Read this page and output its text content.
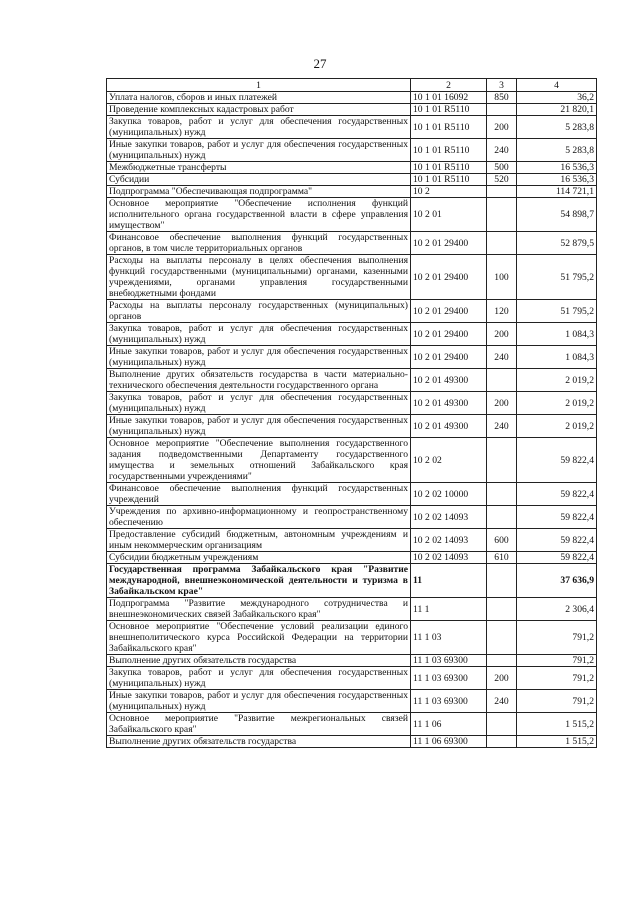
27
1	2	3	4
Уплата налогов, сборов и иных платежей	10 1 01 16092	850	36,2
Проведение комплексных кадастровых работ	10 1 01 R5110		21 820,1
Закупка товаров, работ и услуг для обеспечения государственных (муниципальных) нужд	10 1 01 R5110	200	5 283,8
Иные закупки товаров, работ и услуг для обеспечения государственных (муниципальных) нужд	10 1 01 R5110	240	5 283,8
Межбюджетные трансферты	10 1 01 R5110	500	16 536,3
Субсидии	10 1 01 R5110	520	16 536,3
Подпрограмма "Обеспечивающая подпрограмма"	10 2		114 721,1
Основное мероприятие "Обеспечение исполнения функций исполнительного органа государственной власти в сфере управления имуществом"	10 2 01		54 898,7
Финансовое обеспечение выполнения функций государственных органов, в том числе территориальных органов	10 2 01 29400		52 879,5
Расходы на выплаты персоналу в целях обеспечения выполнения функций государственными (муниципальными) органами, казенными учреждениями, органами управления государственными внебюджетными фондами	10 2 01 29400	100	51 795,2
Расходы на выплаты персоналу государственных (муниципальных) органов	10 2 01 29400	120	51 795,2
Закупка товаров, работ и услуг для обеспечения государственных (муниципальных) нужд	10 2 01 29400	200	1 084,3
Иные закупки товаров, работ и услуг для обеспечения государственных (муниципальных) нужд	10 2 01 29400	240	1 084,3
Выполнение других обязательств государства в части материально-технического обеспечения деятельности государственного органа	10 2 01 49300		2 019,2
Закупка товаров, работ и услуг для обеспечения государственных (муниципальных) нужд	10 2 01 49300	200	2 019,2
Иные закупки товаров, работ и услуг для обеспечения государственных (муниципальных) нужд	10 2 01 49300	240	2 019,2
Основное мероприятие "Обеспечение выполнения государственного задания подведомственными Департаменту государственного имущества и земельных отношений Забайкальского края государственными учреждениями"	10 2 02		59 822,4
Финансовое обеспечение выполнения функций государственных учреждений	10 2 02 10000		59 822,4
Учреждения по архивно-информационному и геопространственному обеспечению	10 2 02 14093		59 822,4
Предоставление субсидий бюджетным, автономным учреждениям и иным некоммерческим организациям	10 2 02 14093	600	59 822,4
Субсидии бюджетным учреждениям	10 2 02 14093	610	59 822,4
Государственная программа Забайкальского края "Развитие международной, внешнеэкономической деятельности и туризма в Забайкальском крае"	11		37 636,9
Подпрограмма "Развитие международного сотрудничества и внешнеэкономических связей Забайкальского края"	11 1		2 306,4
Основное мероприятие "Обеспечение условий реализации единого внешнеполитического курса Российской Федерации на территории Забайкальского края"	11 1 03		791,2
Выполнение других обязательств государства	11 1 03 69300		791,2
Закупка товаров, работ и услуг для обеспечения государственных (муниципальных) нужд	11 1 03 69300	200	791,2
Иные закупки товаров, работ и услуг для обеспечения государственных (муниципальных) нужд	11 1 03 69300	240	791,2
Основное мероприятие "Развитие межрегиональных связей Забайкальского края"	11 1 06		1 515,2
Выполнение других обязательств государства	11 1 06 69300		1 515,2
